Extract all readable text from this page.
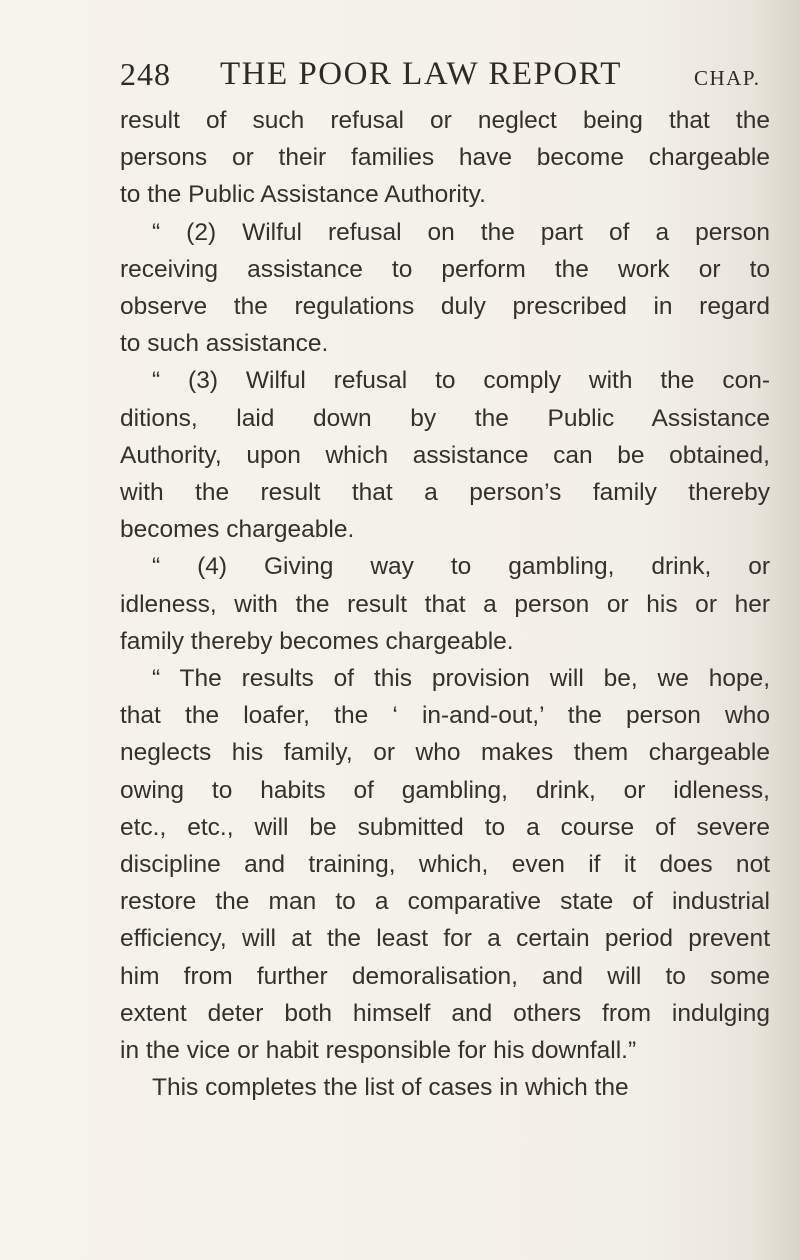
248 THE POOR LAW REPORT	CHAP.

result of such refusal or neglect being that the

persons or their families have become chargeable

to the Public Assistance Authority.

“ (2) Wilful refusal on the part of a person

receiving assistance to perform the work or to

observe the regulations duly prescribed in regard

to such assistance.

“ (3) Wilful refusal to comply with the con-

ditions, laid down by the Public Assistance

Authority, upon which assistance can be obtained,

with the result that a person’s family thereby

becomes chargeable.

“ (4) Giving way to gambling, drink, or

idleness, with the result that a person or his or her

family thereby becomes chargeable.

“ The results of this provision will be, we hope,

that the loafer, the ‘ in-and-out,’ the person who

neglects his family, or who makes them chargeable

owing to habits of gambling, drink, or idleness,

etc., etc., will be submitted to a course of severe

discipline and training, which, even if it does not

restore the man to a comparative state of industrial

efficiency, will at the least for a certain period prevent

him from further demoralisation, and will to some

extent deter both himself and others from indulging

in the vice or habit responsible for his downfall.”

This completes the list of cases in which the
